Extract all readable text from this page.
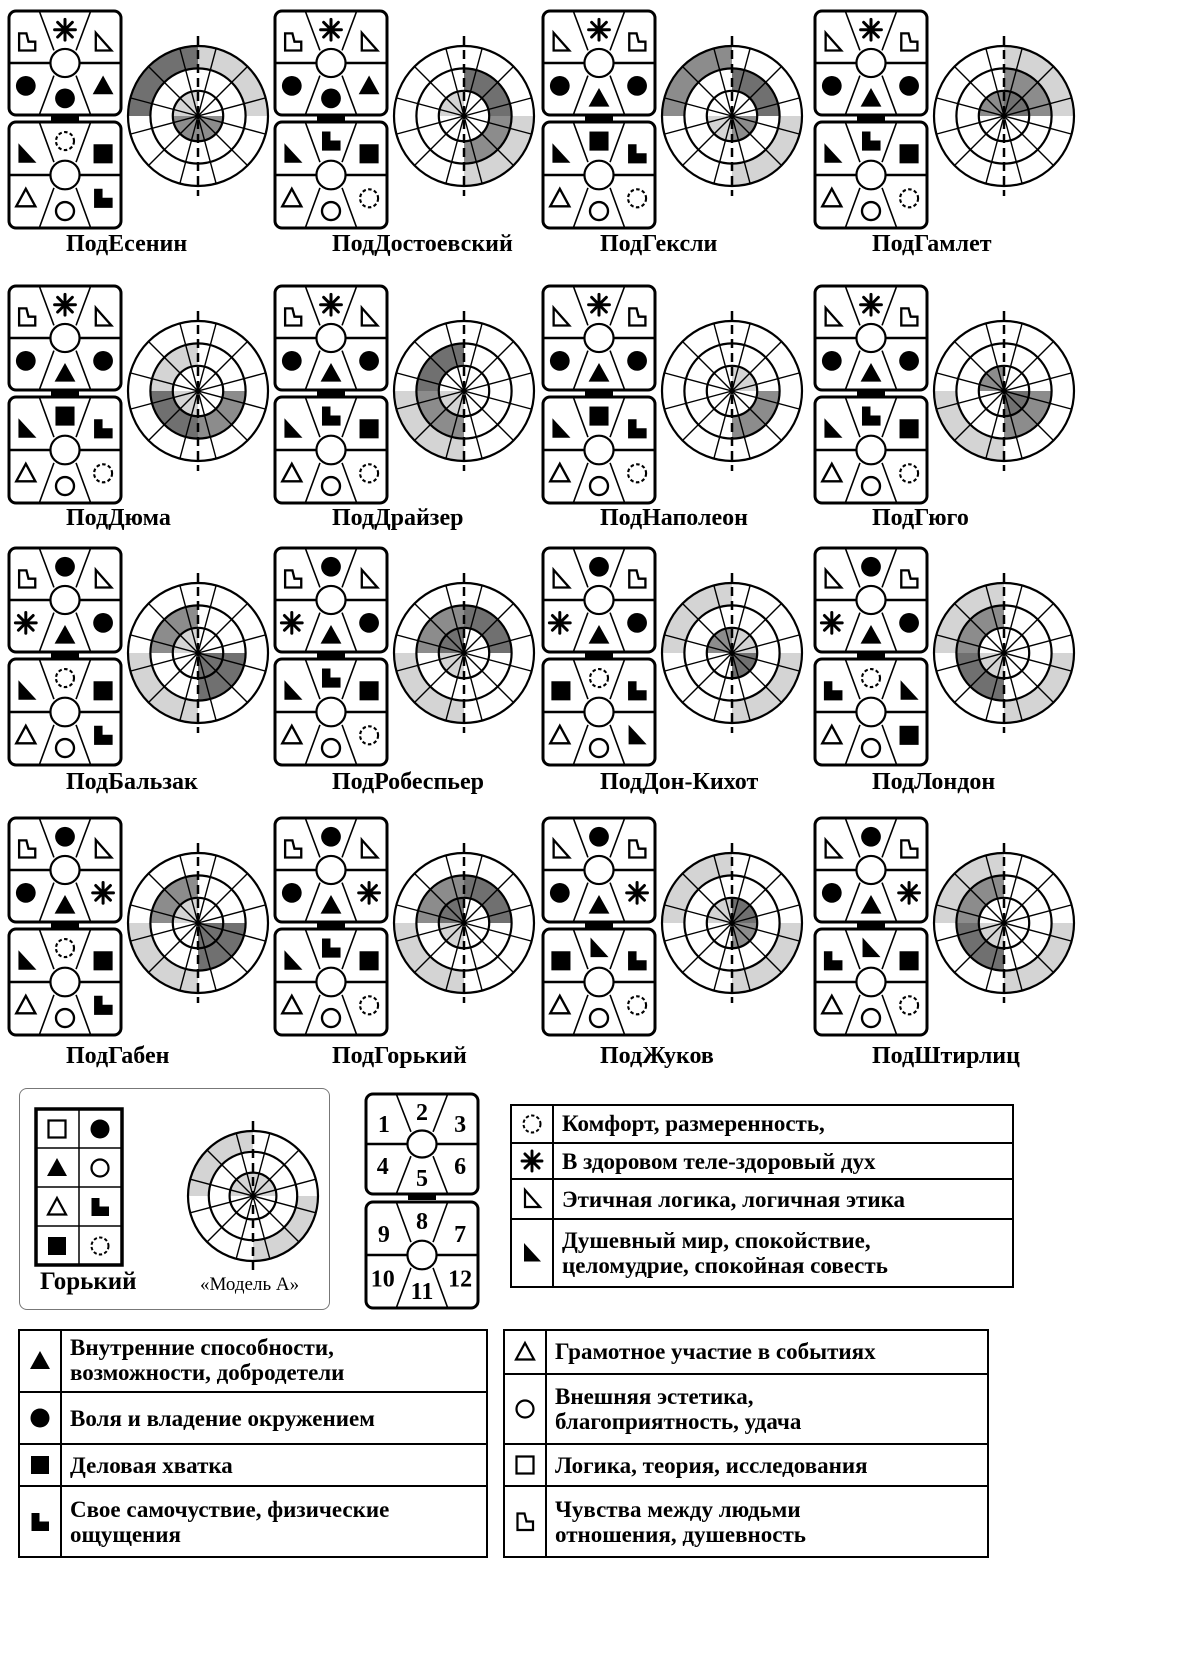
ПодЕсенин	ПодДостоевский	ПодГексли	ПодГамлет
ПодДюма	ПодДрайзер	ПодНаполеон	ПодГюго
ПодБальзак	ПодРобеспьер	ПодДон-Кихот	ПодЛондон
ПодГабен	ПодГорький	ПодЖуков	ПодШтирлиц
Горький	«Модель А»
1 2 3
4 5 6
9 8 7
10 11 12
Комфорт, размеренность,
В здоровом теле-здоровый дух
Этичная логика, логичная этика
Душевный мир, спокойствие,
целомудрие, спокойная совесть
Внутренние способности,
возможности, добродетели
Воля и владение окружением
Деловая хватка
Свое самочуствие, физические
ощущения
Грамотное участие в событиях
Внешняя эстетика,
благоприятность, удача
Логика, теория, исследования
Чувства между людьми
отношения, душевность
